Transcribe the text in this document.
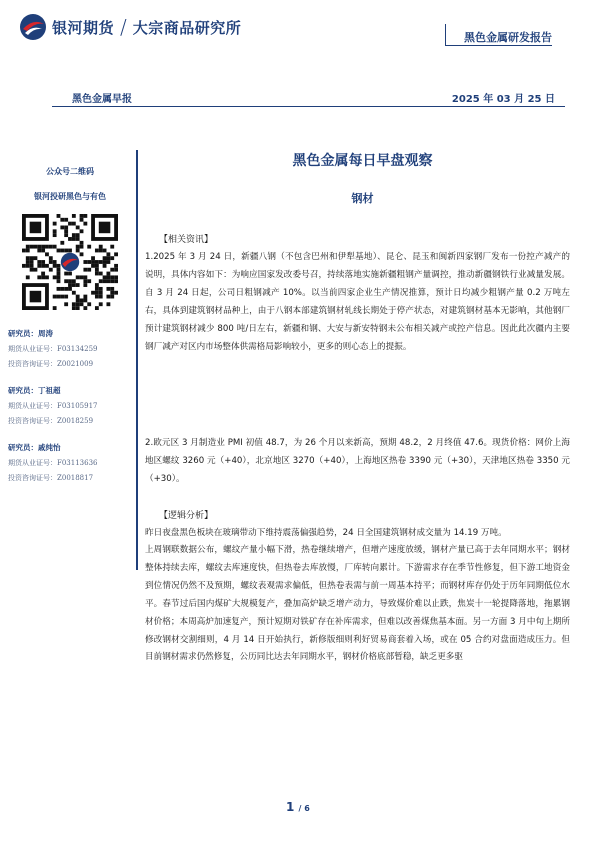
银河期货 / 大宗商品研究所
黑色金属研发报告
黑色金属早报	2025 年 03 月 25 日
公众号二维码
银河投研黑色与有色
研究员：周涛
期货从业证号：F03134259
投资咨询证号：Z0021009
研究员：丁祖超
期货从业证号：F03105917
投资咨询证号：Z0018259
研究员：戚纯怡
期货从业证号：F03113636
投资咨询证号：Z0018817
黑色金属每日早盘观察
钢材
【相关资讯】

1.2025 年 3 月 24 日，新疆八钢（不包含巴州和伊犁基地）、昆仑、昆玉和闽新四家钢厂发布一份控产减产的说明，具体内容如下：为响应国家发改委号召，持续落地实施新疆粗钢产量调控，推动新疆钢铁行业减量发展。自 3 月 24 日起，公司日粗钢减产 10%。以当前四家企业生产情况推算，预计日均减少粗钢产量 0.2 万吨左右，具体到建筑钢材品种上，由于八钢本部建筑钢材轧线长期处于停产状态，对建筑钢材基本无影响，其他钢厂预计建筑钢材减少 800 吨/日左右，新疆和钢、大安与新安特钢未公布相关减产或控产信息。因此此次疆内主要钢厂减产对区内市场整体供需格局影响较小，更多的则心态上的提振。

2.欧元区 3 月制造业 PMI 初值 48.7，为 26 个月以来新高，预期 48.2，2 月终值 47.6。现货价格：网价上海地区螺纹 3260 元（+40），北京地区 3270（+40），上海地区热卷 3390 元（+30），天津地区热卷 3350 元（+30）。

【逻辑分析】

昨日夜盘黑色板块在玻璃带动下维持震荡偏强趋势，24 日全国建筑钢材成交量为 14.19 万吨。

上周钢联数据公布，螺纹产量小幅下滑，热卷继续增产，但增产速度放缓，钢材产量已高于去年同期水平；钢材整体持续去库，螺纹去库速度快，但热卷去库放慢，厂库转向累计。下游需求存在季节性修复，但下游工地资金到位情况仍然不及预期，螺纹表观需求偏低，但热卷表需与前一周基本持平；而钢材库存仍处于历年同期低位水平。春节过后国内煤矿大规模复产，叠加高炉缺乏增产动力，导致煤价难以止跌，焦炭十一轮提降落地，拖累钢材价格；本周高炉加速复产，预计短期对铁矿存在补库需求，但难以改善煤焦基本面。另一方面 3 月中旬上期所修改钢材交割细则，4 月 14 日开始执行，新修版细则利好贸易商套着入场，或在 05 合约对盘面造成压力。但目前钢材需求仍然修复，公历同比达去年同期水平，钢材价格底部暂稳，缺乏更多驱

1 / 6
